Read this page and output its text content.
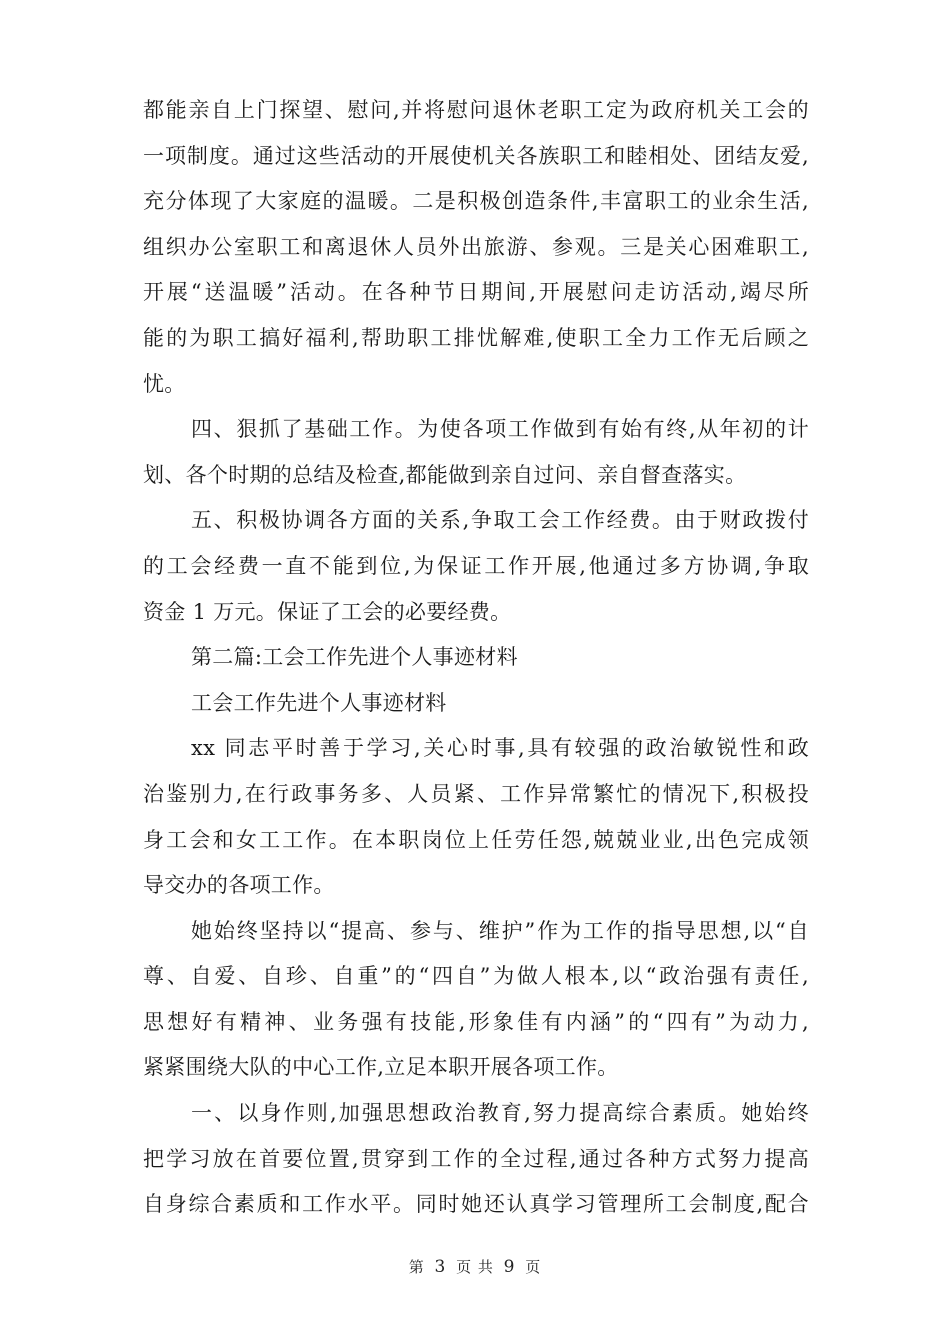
都能亲自上门探望、慰问,并将慰问退休老职工定为政府机关工会的
一项制度。通过这些活动的开展使机关各族职工和睦相处、团结友爱,
充分体现了大家庭的温暖。二是积极创造条件,丰富职工的业余生活,
组织办公室职工和离退休人员外出旅游、参观。三是关心困难职工,
开展“送温暖”活动。在各种节日期间,开展慰问走访活动,竭尽所
能的为职工搞好福利,帮助职工排忧解难,使职工全力工作无后顾之
忧。
四、狠抓了基础工作。为使各项工作做到有始有终,从年初的计
划、各个时期的总结及检查,都能做到亲自过问、亲自督查落实。
五、积极协调各方面的关系,争取工会工作经费。由于财政拨付
的工会经费一直不能到位,为保证工作开展,他通过多方协调,争取
资金 1 万元。保证了工会的必要经费。
第二篇:工会工作先进个人事迹材料
工会工作先进个人事迹材料
xx 同志平时善于学习,关心时事,具有较强的政治敏锐性和政
治鉴别力,在行政事务多、人员紧、工作异常繁忙的情况下,积极投
身工会和女工工作。在本职岗位上任劳任怨,兢兢业业,出色完成领
导交办的各项工作。
她始终坚持以“提高、参与、维护”作为工作的指导思想,以“自
尊、自爱、自珍、自重”的“四自”为做人根本,以“政治强有责任,
思想好有精神、业务强有技能,形象佳有内涵”的“四有”为动力,
紧紧围绕大队的中心工作,立足本职开展各项工作。
一、以身作则,加强思想政治教育,努力提高综合素质。她始终
把学习放在首要位置,贯穿到工作的全过程,通过各种方式努力提高
自身综合素质和工作水平。同时她还认真学习管理所工会制度,配合
第 3 页 共 9 页
